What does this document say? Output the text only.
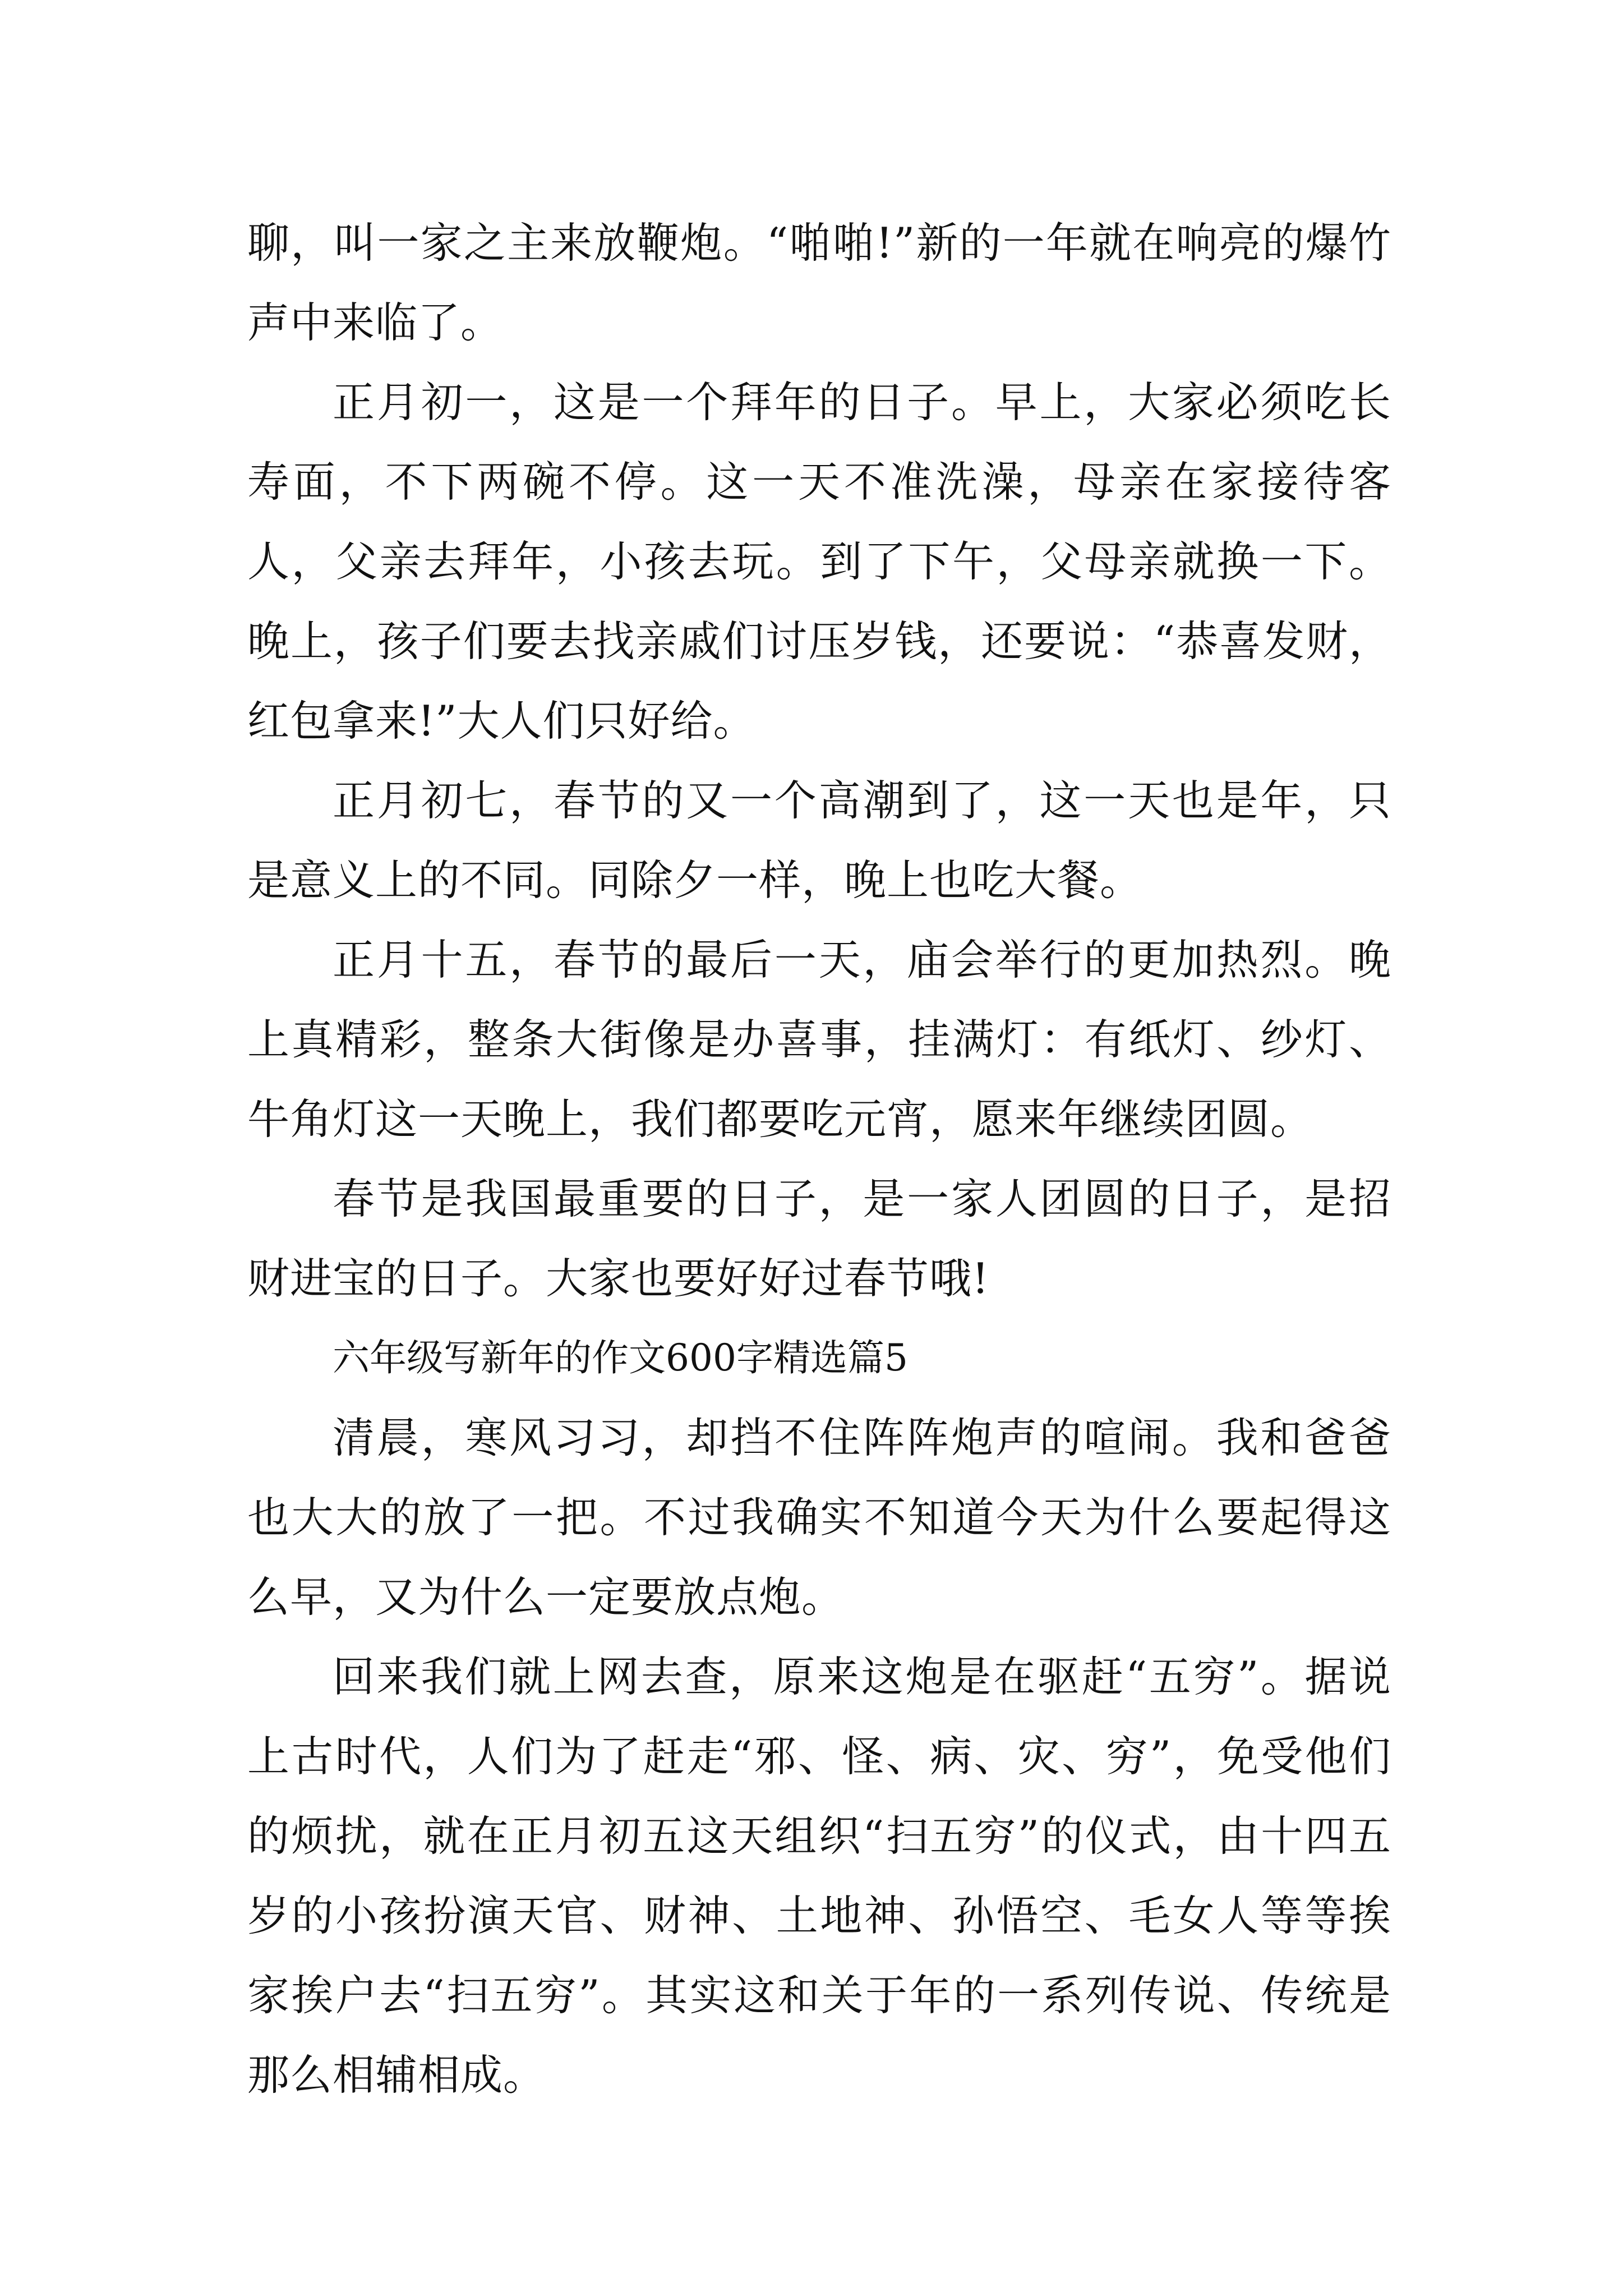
聊，叫一家之主来放鞭炮。“啪啪!”新的一年就在响亮的爆竹声中来临了。

正月初一，这是一个拜年的日子。早上，大家必须吃长寿面，不下两碗不停。这一天不准洗澡，母亲在家接待客人，父亲去拜年，小孩去玩。到了下午，父母亲就换一下。晚上，孩子们要去找亲戚们讨压岁钱，还要说：“恭喜发财，红包拿来!”大人们只好给。

正月初七，春节的又一个高潮到了，这一天也是年，只是意义上的不同。同除夕一样，晚上也吃大餐。

正月十五，春节的最后一天，庙会举行的更加热烈。晚上真精彩，整条大街像是办喜事，挂满灯：有纸灯、纱灯、牛角灯这一天晚上，我们都要吃元宵，愿来年继续团圆。

春节是我国最重要的日子，是一家人团圆的日子，是招财进宝的日子。大家也要好好过春节哦!

六年级写新年的作文600字精选篇5

清晨，寒风习习，却挡不住阵阵炮声的喧闹。我和爸爸也大大的放了一把。不过我确实不知道今天为什么要起得这么早，又为什么一定要放点炮。

回来我们就上网去查，原来这炮是在驱赶“五穷”。据说上古时代，人们为了赶走“邪、怪、病、灾、穷”，免受他们的烦扰，就在正月初五这天组织“扫五穷”的仪式，由十四五岁的小孩扮演天官、财神、土地神、孙悟空、毛女人等等挨家挨户去“扫五穷”。其实这和关于年的一系列传说、传统是那么相辅相成。
